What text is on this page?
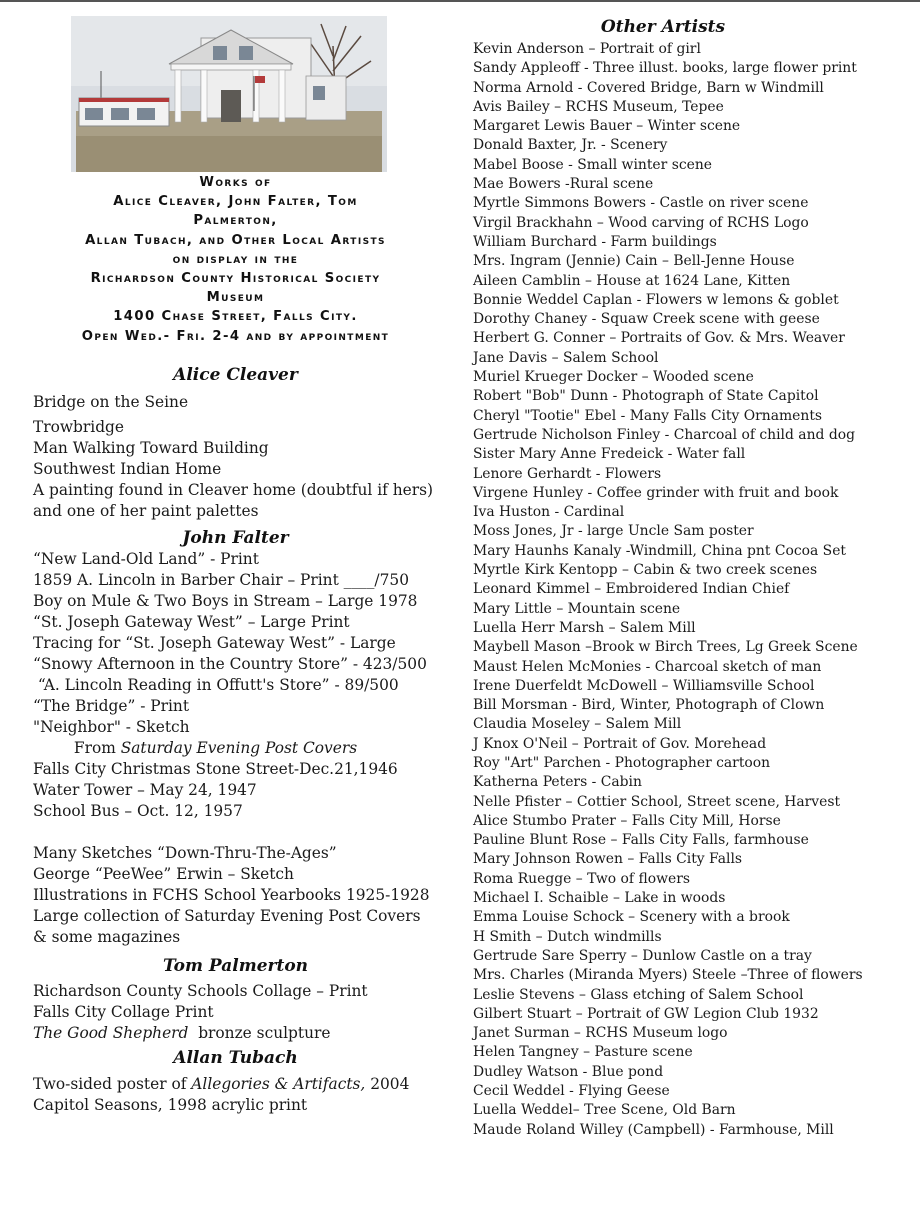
Works of
Alice Cleaver, John Falter, Tom
Palmerton,
Allan Tubach, and Other Local Artists
on display in the
Richardson County Historical Society
Museum
1400 Chase Street, Falls City.
Open Wed.- Fri. 2-4 and by appointment
Alice Cleaver
Bridge on the Seine
Trowbridge
Man Walking Toward Building
Southwest Indian Home
A painting found in Cleaver home (doubtful if hers) and one of her paint palettes
John Falter
“New Land-Old Land” - Print
1859 A. Lincoln in Barber Chair – Print ____/750
Boy on Mule & Two Boys in Stream – Large 1978
“St. Joseph Gateway West” – Large Print
Tracing for “St. Joseph Gateway West” - Large
“Snowy Afternoon in the Country Store” - 423/500
“A. Lincoln Reading in Offutt's Store” - 89/500
“The Bridge” - Print
"Neighbor" - Sketch
From Saturday Evening Post Covers
Falls City Christmas Stone Street-Dec.21,1946
Water Tower – May 24, 1947
School Bus – Oct. 12, 1957
Many Sketches “Down-Thru-The-Ages”
George “PeeWee” Erwin – Sketch
Illustrations in FCHS School Yearbooks 1925-1928
Large collection of Saturday Evening Post Covers & some magazines
Tom Palmerton
Richardson County Schools Collage – Print
Falls City Collage Print
The Good Shepherd  bronze sculpture
Allan Tubach
Two-sided poster of Allegories & Artifacts, 2004
Capitol Seasons, 1998 acrylic print
Other Artists
Kevin Anderson – Portrait of girl
Sandy Appleoff - Three illust. books, large flower print
Norma Arnold - Covered Bridge, Barn w Windmill
Avis Bailey – RCHS Museum, Tepee
Margaret Lewis Bauer – Winter scene
Donald Baxter, Jr. - Scenery
Mabel Boose - Small winter scene
Mae Bowers -Rural scene
Myrtle Simmons Bowers - Castle on river scene
Virgil Brackhahn – Wood carving of RCHS Logo
William Burchard - Farm buildings
Mrs. Ingram (Jennie) Cain – Bell-Jenne House
Aileen Camblin – House at 1624 Lane, Kitten
Bonnie Weddel Caplan - Flowers w lemons & goblet
Dorothy Chaney - Squaw Creek scene with geese
Herbert G. Conner – Portraits of Gov. & Mrs. Weaver
Jane Davis – Salem School
Muriel Krueger Docker – Wooded scene
Robert "Bob" Dunn - Photograph of State Capitol
Cheryl "Tootie" Ebel - Many Falls City Ornaments
Gertrude Nicholson Finley - Charcoal of child and dog
Sister Mary Anne Fredeick - Water fall
Lenore Gerhardt - Flowers
Virgene Hunley - Coffee grinder with fruit and book
Iva Huston - Cardinal
Moss Jones, Jr - large Uncle Sam poster
Mary Haunhs Kanaly -Windmill, China pnt Cocoa Set
Myrtle Kirk Kentopp – Cabin & two creek scenes
Leonard Kimmel – Embroidered Indian Chief
Mary Little – Mountain scene
Luella Herr Marsh – Salem Mill
Maybell Mason –Brook w Birch Trees, Lg Greek Scene
Maust Helen McMonies - Charcoal sketch of man
Irene Duerfeldt McDowell – Williamsville School
Bill Morsman - Bird, Winter, Photograph of Clown
Claudia Moseley – Salem Mill
J Knox O'Neil – Portrait of Gov. Morehead
Roy "Art" Parchen - Photographer cartoon
Katherna Peters - Cabin
Nelle Pfister – Cottier School, Street scene, Harvest
Alice Stumbo Prater – Falls City Mill, Horse
Pauline Blunt Rose – Falls City Falls, farmhouse
Mary Johnson Rowen – Falls City Falls
Roma Ruegge – Two of flowers
Michael I. Schaible – Lake in woods
Emma Louise Schock – Scenery with a brook
H Smith – Dutch windmills
Gertrude Sare Sperry – Dunlow Castle on a tray
Mrs. Charles (Miranda Myers) Steele –Three of flowers
Leslie Stevens – Glass etching of Salem School
Gilbert Stuart – Portrait of GW Legion Club 1932
Janet Surman – RCHS Museum logo
Helen Tangney – Pasture scene
Dudley Watson - Blue pond
Cecil Weddel - Flying Geese
Luella Weddel– Tree Scene, Old Barn
Maude Roland Willey (Campbell) - Farmhouse, Mill
